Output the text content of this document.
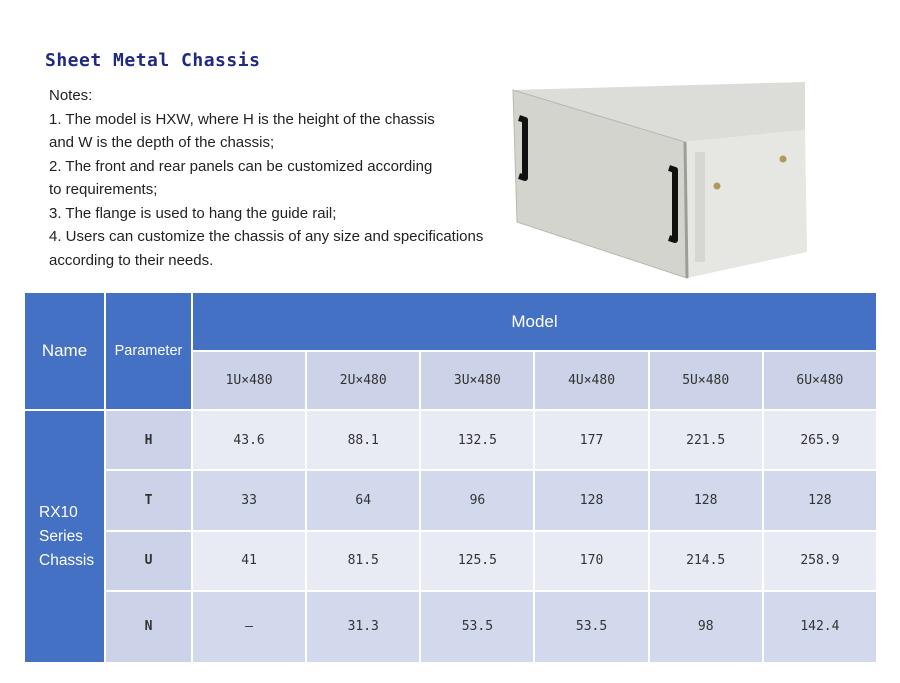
Sheet Metal Chassis
Notes:
1. The model is HXW, where H is the height of the chassis
and W is the depth of the chassis;
2. The front and rear panels can be customized according
to requirements;
3. The flange is used to hang the guide rail;
4. Users can customize the chassis of any size and specifications
according to their needs.
Name	Parameter	Model					
		1U×480	2U×480	3U×480	4U×480	5U×480	6U×480

RX10
Series
Chassis	H	43.6	88.1	132.5	177	221.5	265.9
	T	33	64	96	128	128	128
	U	41	81.5	125.5	170	214.5	258.9
	N	—	31.3	53.5	53.5	98	142.4
